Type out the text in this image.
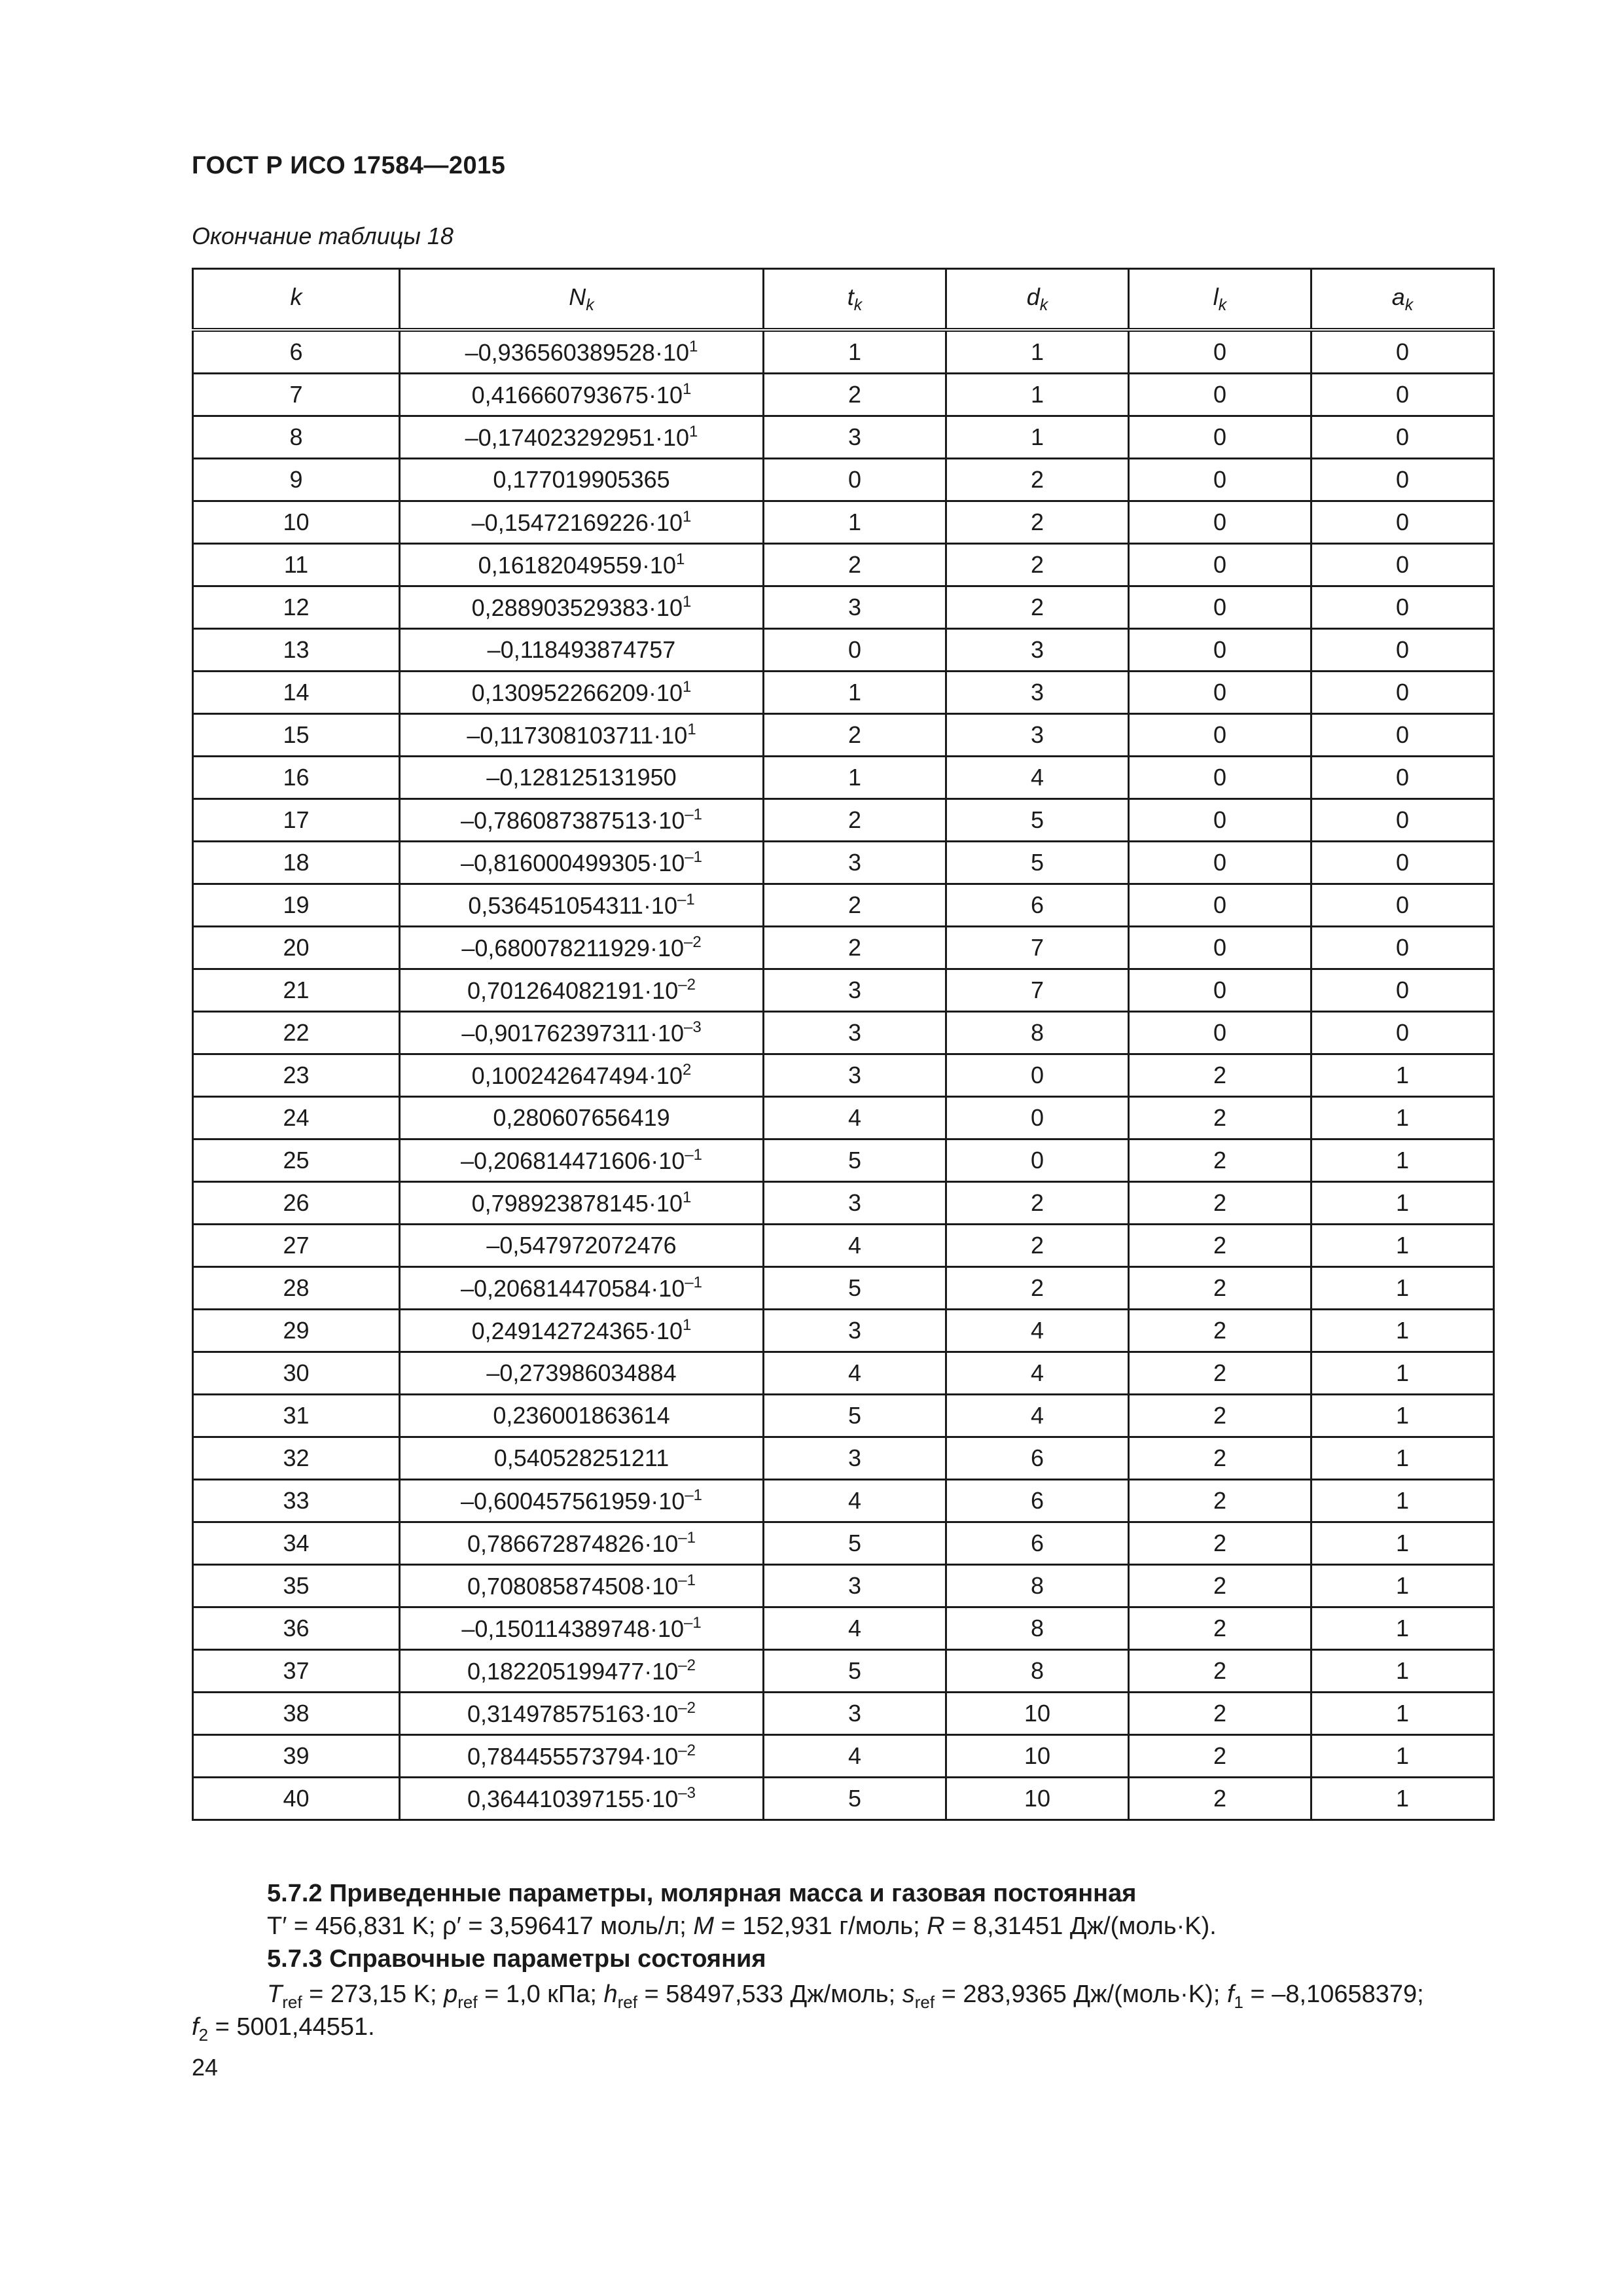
ГОСТ Р ИСО 17584—2015
Окончание таблицы 18
k	$N_k$	$t_k$	$d_k$	$l_k$	$a_k$
6	$-0,936560389528\cdot 10^1$	1	1	0	0
7	$0,416660793675\cdot 10^1$	2	1	0	0
8	$-0,174023292951\cdot 10^1$	3	1	0	0
9	0,177019905365	0	2	0	0
10	$-0,15472169226\cdot 10^1$	1	2	0	0
11	$0,16182049559\cdot 10^1$	2	2	0	0
12	$0,288903529383\cdot 10^1$	3	2	0	0
13	–0,118493874757	0	3	0	0
14	$0,130952266209\cdot 10^1$	1	3	0	0
15	$-0,117308103711\cdot 10^1$	2	3	0	0
16	–0,128125131950	1	4	0	0
17	$-0,786087387513\cdot 10^{-1}$	2	5	0	0
18	$-0,816000499305\cdot 10^{-1}$	3	5	0	0
19	$0,536451054311\cdot 10^{-1}$	2	6	0	0
20	$-0,680078211929\cdot 10^{-2}$	2	7	0	0
21	$0,701264082191\cdot 10^{-2}$	3	7	0	0
22	$-0,901762397311\cdot 10^{-3}$	3	8	0	0
23	$0,100242647494\cdot 10^2$	3	0	2	1
24	0,280607656419	4	0	2	1
25	$-0,206814471606\cdot 10^{-1}$	5	0	2	1
26	$0,798923878145\cdot 10^1$	3	2	2	1
27	–0,547972072476	4	2	2	1
28	$-0,206814470584\cdot 10^{-1}$	5	2	2	1
29	$0,249142724365\cdot 10^1$	3	4	2	1
30	–0,273986034884	4	4	2	1
31	0,236001863614	5	4	2	1
32	0,540528251211	3	6	2	1
33	$-0,600457561959\cdot 10^{-1}$	4	6	2	1
34	$0,786672874826\cdot 10^{-1}$	5	6	2	1
35	$0,708085874508\cdot 10^{-1}$	3	8	2	1
36	$-0,150114389748\cdot 10^{-1}$	4	8	2	1
37	$0,182205199477\cdot 10^{-2}$	5	8	2	1
38	$0,314978575163\cdot 10^{-2}$	3	10	2	1
39	$0,784455573794\cdot 10^{-2}$	4	10	2	1
40	$0,364410397155\cdot 10^{-3}$	5	10	2	1
5.7.2 Приведенные параметры, молярная масса и газовая постоянная
T′ = 456,831 K; ρ′ = 3,596417 моль/л; M = 152,931 г/моль; R = 8,31451 Дж/(моль·K).
5.7.3 Справочные параметры состояния
$T_{ref} = 273,15$ K; $p_{ref} = 1,0$ кПа; $h_{ref} = 58497,533$ Дж/моль; $s_{ref} = 283,9365$ Дж/(моль·K); $f_1 = -8,10658379$;
$f_2 = 5001,44551$.
24
